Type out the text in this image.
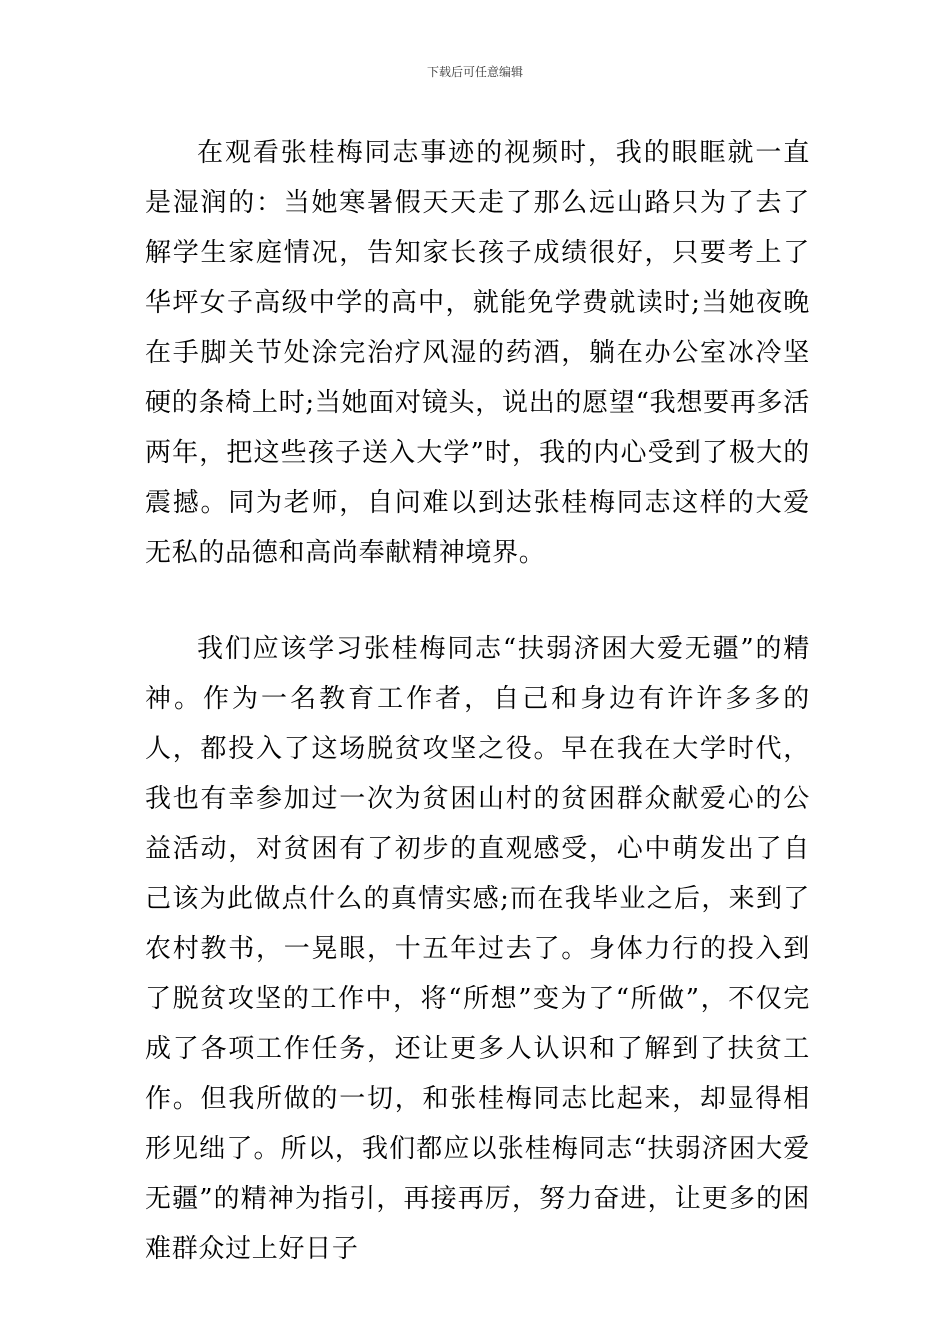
下载后可任意编辑

在观看张桂梅同志事迹的视频时，我的眼眶就一直是湿润的：当她寒暑假天天走了那么远山路只为了去了解学生家庭情况，告知家长孩子成绩很好，只要考上了华坪女子高级中学的高中，就能免学费就读时;当她夜晚在手脚关节处涂完治疗风湿的药酒，躺在办公室冰冷坚硬的条椅上时;当她面对镜头，说出的愿望“我想要再多活两年，把这些孩子送入大学”时，我的内心受到了极大的震撼。同为老师，自问难以到达张桂梅同志这样的大爱无私的品德和高尚奉献精神境界。

我们应该学习张桂梅同志“扶弱济困大爱无疆”的精神。作为一名教育工作者，自己和身边有许许多多的人，都投入了这场脱贫攻坚之役。早在我在大学时代，我也有幸参加过一次为贫困山村的贫困群众献爱心的公益活动，对贫困有了初步的直观感受，心中萌发出了自己该为此做点什么的真情实感;而在我毕业之后，来到了农村教书，一晃眼，十五年过去了。身体力行的投入到了脱贫攻坚的工作中，将“所想”变为了“所做”，不仅完成了各项工作任务，还让更多人认识和了解到了扶贫工作。但我所做的一切，和张桂梅同志比起来，却显得相形见绌了。所以，我们都应以张桂梅同志“扶弱济困大爱无疆”的精神为指引，再接再厉，努力奋进，让更多的困难群众过上好日子
